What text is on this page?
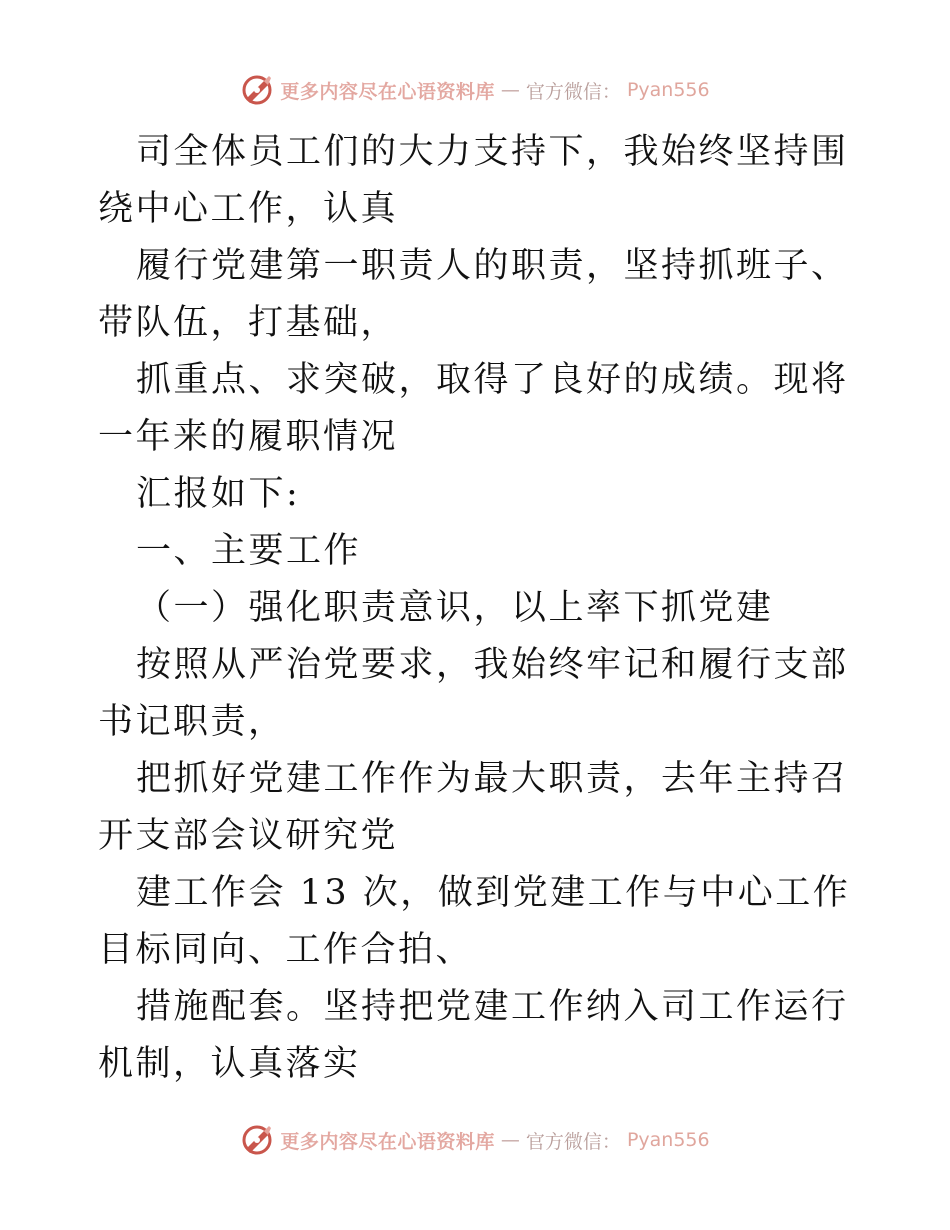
更多内容尽在心语资料库 — 官方微信： Pyan556

司全体员工们的大力支持下，我始终坚持围绕中心工作，认真

履行党建第一职责人的职责，坚持抓班子、带队伍，打基础，

抓重点、求突破，取得了良好的成绩。现将一年来的履职情况

汇报如下:

一、主要工作

（一）强化职责意识，以上率下抓党建

按照从严治党要求，我始终牢记和履行支部书记职责，

把抓好党建工作作为最大职责，去年主持召开支部会议研究党

建工作会 13 次，做到党建工作与中心工作目标同向、工作合拍、

措施配套。坚持把党建工作纳入司工作运行机制，认真落实

更多内容尽在心语资料库 — 官方微信： Pyan556
